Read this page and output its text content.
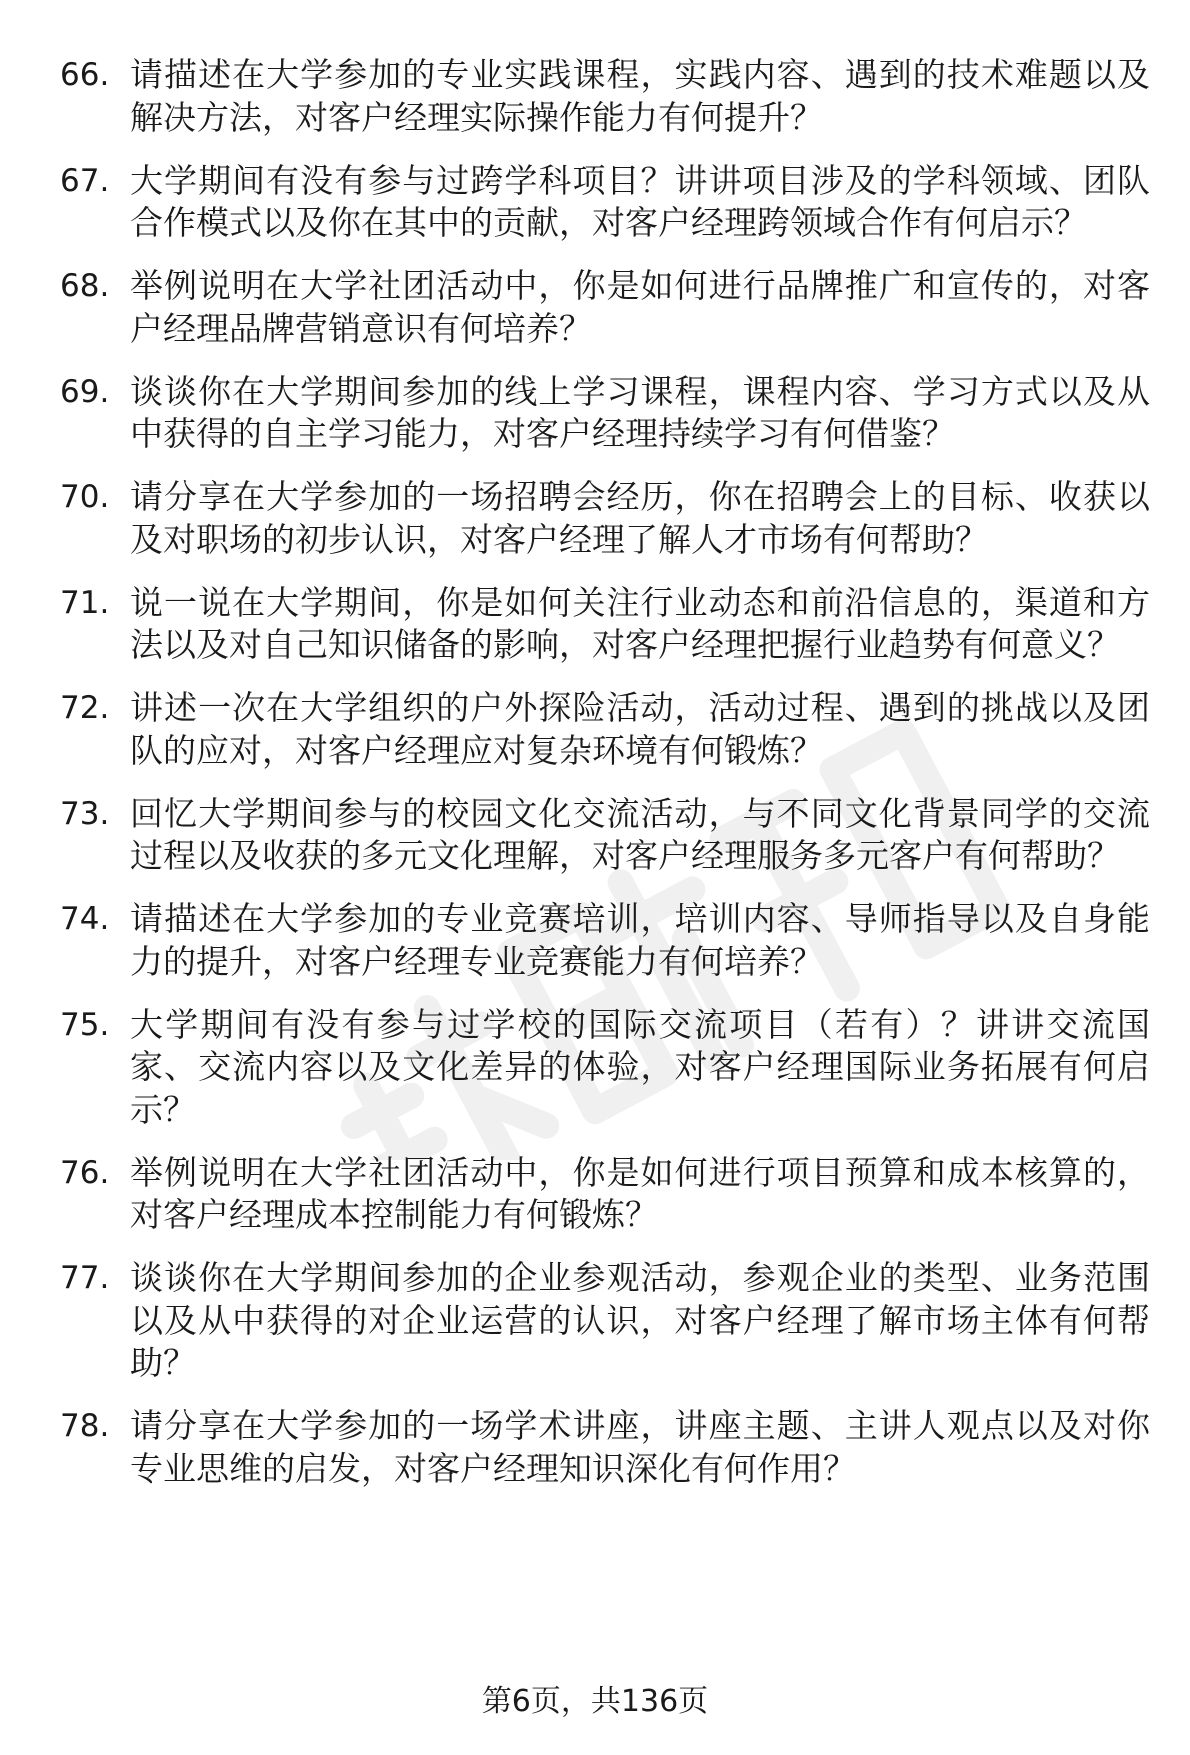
66. 请描述在大学参加的专业实践课程，实践内容、遇到的技术难题以及解决方法，对客户经理实际操作能力有何提升？
67. 大学期间有没有参与过跨学科项目？讲讲项目涉及的学科领域、团队合作模式以及你在其中的贡献，对客户经理跨领域合作有何启示？
68. 举例说明在大学社团活动中，你是如何进行品牌推广和宣传的，对客户经理品牌营销意识有何培养？
69. 谈谈你在大学期间参加的线上学习课程，课程内容、学习方式以及从中获得的自主学习能力，对客户经理持续学习有何借鉴？
70. 请分享在大学参加的一场招聘会经历，你在招聘会上的目标、收获以及对职场的初步认识，对客户经理了解人才市场有何帮助？
71. 说一说在大学期间，你是如何关注行业动态和前沿信息的，渠道和方法以及对自己知识储备的影响，对客户经理把握行业趋势有何意义？
72. 讲述一次在大学组织的户外探险活动，活动过程、遇到的挑战以及团队的应对，对客户经理应对复杂环境有何锻炼？
73. 回忆大学期间参与的校园文化交流活动，与不同文化背景同学的交流过程以及收获的多元文化理解，对客户经理服务多元客户有何帮助？
74. 请描述在大学参加的专业竞赛培训，培训内容、导师指导以及自身能力的提升，对客户经理专业竞赛能力有何培养？
75. 大学期间有没有参与过学校的国际交流项目（若有）？讲讲交流国家、交流内容以及文化差异的体验，对客户经理国际业务拓展有何启示？
76. 举例说明在大学社团活动中，你是如何进行项目预算和成本核算的，对客户经理成本控制能力有何锻炼？
77. 谈谈你在大学期间参加的企业参观活动，参观企业的类型、业务范围以及从中获得的对企业运营的认识，对客户经理了解市场主体有何帮助？
78. 请分享在大学参加的一场学术讲座，讲座主题、主讲人观点以及对你专业思维的启发，对客户经理知识深化有何作用？
第6页，共136页
